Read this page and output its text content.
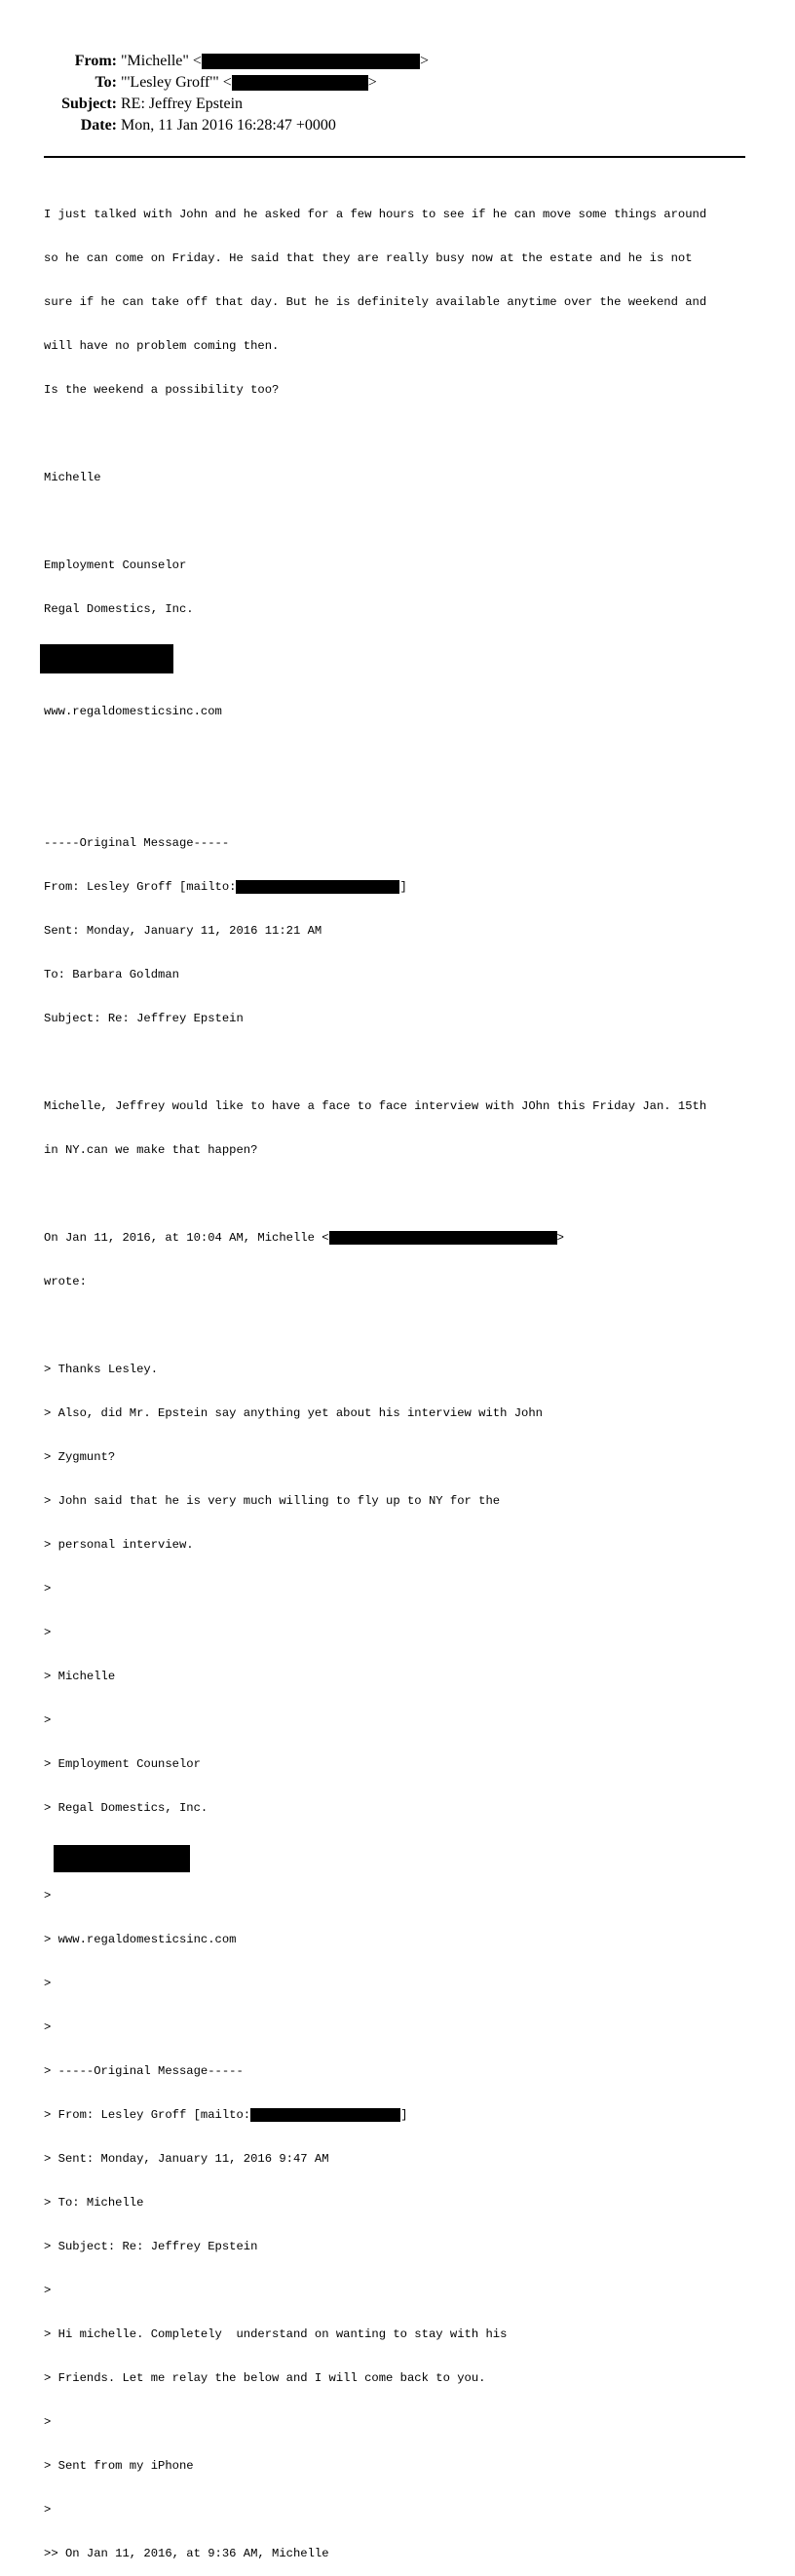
From: "Michelle" <	>
To: "'Lesley Groff'" <	>
Subject: RE: Jeffrey Epstein
Date: Mon, 11 Jan 2016 16:28:47 +0000

I just talked with John and he asked for a few hours to see if he can move some things around

so he can come on Friday. He said that they are really busy now at the estate and he is not

sure if he can take off that day. But he is definitely available anytime over the weekend and

will have no problem coming then.

Is the weekend a possibility too?

Michelle

Employment Counselor

Regal Domestics, Inc.

www.regaldomesticsinc.com

-----Original Message-----

From: Lesley Groff [mailto:	]

Sent: Monday, January 11, 2016 11:21 AM

To: Barbara Goldman

Subject: Re: Jeffrey Epstein

Michelle, Jeffrey would like to have a face to face interview with JOhn this Friday Jan. 15th

in NY.can we make that happen?

On Jan 11, 2016, at 10:04 AM, Michelle <	>

wrote:

> Thanks Lesley.

> Also, did Mr. Epstein say anything yet about his interview with John

> Zygmunt?

> John said that he is very much willing to fly up to NY for the

> personal interview.

>

>

> Michelle

>

> Employment Counselor

> Regal Domestics, Inc.

>

> www.regaldomesticsinc.com

>

>

> -----Original Message-----

> From: Lesley Groff [mailto:	]

> Sent: Monday, January 11, 2016 9:47 AM

> To: Michelle

> Subject: Re: Jeffrey Epstein

>

> Hi michelle. Completely  understand on wanting to stay with his

> Friends. Let me relay the below and I will come back to you.

>

> Sent from my iPhone

>

>> On Jan 11, 2016, at 9:36 AM, Michelle
